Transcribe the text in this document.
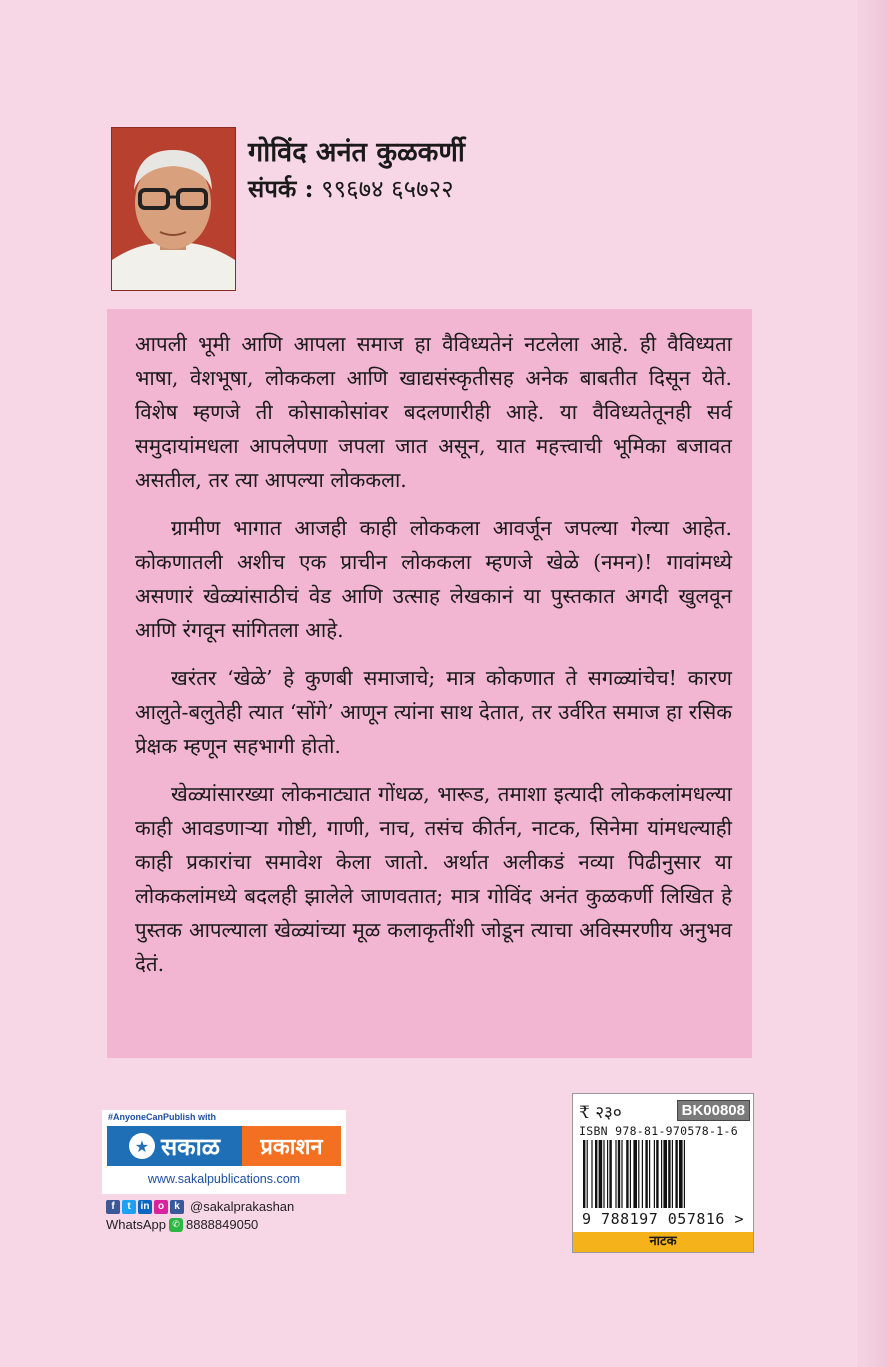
गोविंद अनंत कुळकर्णी
संपर्क : ९९६७४ ६५७२२

आपली भूमी आणि आपला समाज हा वैविध्यतेनं नटलेला आहे. ही वैविध्यता भाषा, वेशभूषा, लोककला आणि खाद्यसंस्कृतीसह अनेक बाबतीत दिसून येते. विशेष म्हणजे ती कोसाकोसांवर बदलणारीही आहे. या वैविध्यतेतूनही सर्व समुदायांमधला आपलेपणा जपला जात असून, यात महत्त्वाची भूमिका बजावत असतील, तर त्या आपल्या लोककला.

ग्रामीण भागात आजही काही लोककला आवर्जून जपल्या गेल्या आहेत. कोकणातली अशीच एक प्राचीन लोककला म्हणजे खेळे (नमन)! गावांमध्ये असणारं खेळ्यांसाठीचं वेड आणि उत्साह लेखकानं या पुस्तकात अगदी खुलवून आणि रंगवून सांगितला आहे.

खरंतर ‘खेळे’ हे कुणबी समाजाचे; मात्र कोकणात ते सगळ्यांचेच! कारण आलुते-बलुतेही त्यात ‘सोंगे’ आणून त्यांना साथ देतात, तर उर्वरित समाज हा रसिक प्रेक्षक म्हणून सहभागी होतो.

खेळ्यांसारख्या लोकनाट्यात गोंधळ, भारूड, तमाशा इत्यादी लोककलांमधल्या काही आवडणाऱ्या गोष्टी, गाणी, नाच, तसंच कीर्तन, नाटक, सिनेमा यांमधल्याही काही प्रकारांचा समावेश केला जातो. अर्थात अलीकडं नव्या पिढीनुसार या लोककलांमध्ये बदलही झालेले जाणवतात; मात्र गोविंद अनंत कुळकर्णी लिखित हे पुस्तक आपल्याला खेळ्यांच्या मूळ कलाकृतींशी जोडून त्याचा अविस्मरणीय अनुभव देतं.

#AnyoneCanPublish with
★ सकाळ	प्रकाशन
www.sakalpublications.com
f	t in o	k @sakalprakashan
WhatsApp ✆ 8888849050
₹ २३०	BK00808
ISBN 978-81-970578-1-6
9 788197 057816 >
नाटक
